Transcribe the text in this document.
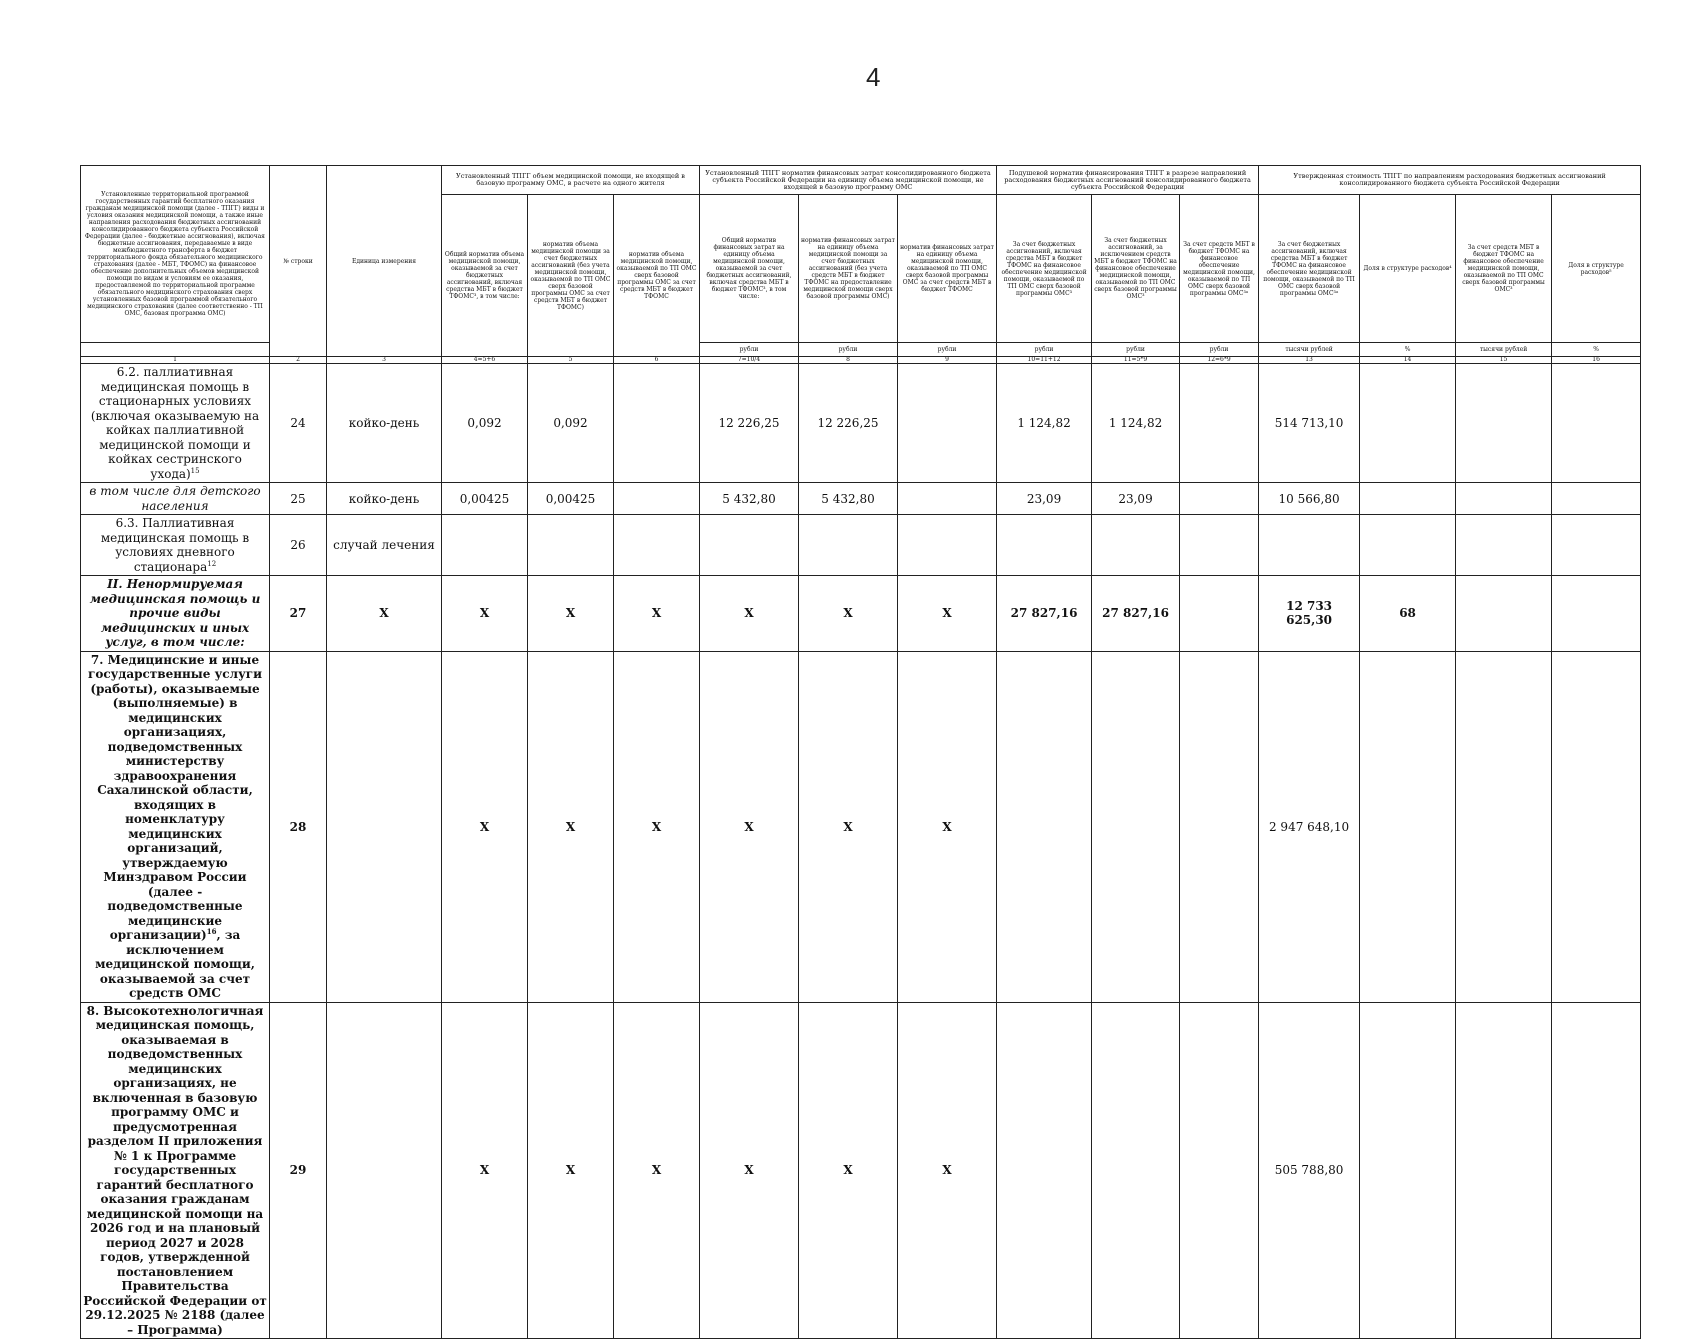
4
Установленные территориальной программой государственных гарантий бесплатного оказания гражданам медицинской помощи (далее - ТПГГ) виды и условия оказания медицинской помощи, а также иные направления расходования бюджетных ассигнований консолидированного бюджета субъекта Российской Федерации (далее - бюджетные ассигнования), включая бюджетные ассигнования, передаваемые в виде межбюджетного трансферта в бюджет территориального фонда обязательного медицинского страхования (далее - МБТ, ТФОМС) на финансовое обеспечение дополнительных объемов медицинской помощи по видам и условиям ее оказания, предоставляемой по территориальной программе обязательного медицинского страхования сверх установленных базовой программой обязательного медицинского страхования (далее соответственно - ТП ОМС, базовая программа ОМС)	№ строки	Единица измерения	Установленный ТПГГ объем медицинской помощи, не входящей в базовую программу ОМС, в расчете на одного жителя			Установленный ТПГГ норматив финансовых затрат консолидированного бюджета субъекта Российской Федерации на единицу объема медицинской помощи, не входящей в базовую программу ОМС			Подушевой норматив финансирования ТПГГ в разрезе направлений расходования бюджетных ассигнований консолидированного бюджета субъекта Российской Федерации			Утвержденная стоимость ТПГГ по направлениям расходования бюджетных ассигнований консолидированного бюджета субъекта Российской Федерации			
			Общий норматив объема медицинской помощи, оказываемой за счет бюджетных ассигнований, включая средства МБТ в бюджет ТФОМС³, в том числе:	норматив объема медицинской помощи за счет бюджетных ассигнований (без учета медицинской помощи, оказываемой по ТП ОМС сверх базовой программы ОМС за счет средств МБТ в бюджет ТФОМС)	норматив объема медицинской помощи, оказываемой по ТП ОМС сверх базовой программы ОМС за счет средств МБТ в бюджет ТФОМС	Общий норматив финансовых затрат на единицу объема медицинской помощи, оказываемой за счет бюджетных ассигнований, включая средства МБТ в бюджет ТФОМС³, в том числе:	норматив финансовых затрат на единицу объема медицинской помощи за счет бюджетных ассигнований (без учета средств МБТ в бюджет ТФОМС на предоставление медицинской помощи сверх базовой программы ОМС)	норматив финансовых затрат на единицу объема медицинской помощи, оказываемой по ТП ОМС сверх базовой программы ОМС за счет средств МБТ в бюджет ТФОМС	За счет бюджетных ассигнований, включая средства МБТ в бюджет ТФОМС на финансовое обеспечение медицинской помощи, оказываемой по ТП ОМС сверх базовой программы ОМС³	За счет бюджетных ассигнований, за исключением средств МБТ в бюджет ТФОМС на финансовое обеспечение медицинской помощи, оказываемой по ТП ОМС сверх базовой программы ОМС³	За счет средств МБТ в бюджет ТФОМС на финансовое обеспечение медицинской помощи, оказываемой по ТП ОМС сверх базовой программы ОМС³ᵃ	За счет бюджетных ассигнований, включая средства МБТ в бюджет ТФОМС на финансовое обеспечение медицинской помощи, оказываемой по ТП ОМС сверх базовой программы ОМС³ᵃ	Доля в структуре расходов⁴	За счет средств МБТ в бюджет ТФОМС на финансовое обеспечение медицинской помощи, оказываемой по ТП ОМС сверх базовой программы ОМС³	Доля в структуре расходов⁵
						рубли	рубли	рубли	рубли	рубли	рубли	тысячи рублей	%	тысячи рублей	%
1	2	3	4=5+6	5	6	7=10/4	8	9	10=11+12	11=5*9	12=6*9	13	14	15	16
6.2. паллиативная медицинская помощь в стационарных условиях (включая оказываемую на койках паллиативной медицинской помощи и койках сестринского ухода)$^{15}$	24	койко-день	0,092	0,092		12 226,25	12 226,25		1 124,82	1 124,82		514 713,10			
в том числе для детского населения	25	койко-день	0,00425	0,00425		5 432,80	5 432,80		23,09	23,09		10 566,80			
6.3. Паллиативная медицинская помощь в условиях дневного стационара$^{12}$	26	случай лечения													
II. Ненормируемая медицинская помощь и прочие виды медицинских и иных услуг, в том числе:	27	X	X	X	X	X	X	X	27 827,16	27 827,16		12 733 625,30	68		
7. Медицинские и иные государственные услуги (работы), оказываемые (выполняемые) в медицинских организациях, подведомственных министерству здравоохранения Сахалинской области, входящих в номенклатуру медицинских организаций, утверждаемую Минздравом России (далее - подведомственные медицинские организации)$^{16}$, за исключением медицинской помощи, оказываемой за счет средств ОМС	28		X	X	X	X	X	X				2 947 648,10			
8. Высокотехнологичная медицинская помощь, оказываемая в подведомственных медицинских организациях, не включенная в базовую программу ОМС и предусмотренная разделом II приложения № 1 к Программе государственных гарантий бесплатного оказания гражданам медицинской помощи на 2026 год и на плановый период 2027 и 2028 годов, утвержденной постановлением Правительства Российской Федерации от 29.12.2025 № 2188 (далее – Программа)	29		X	X	X	X	X	X				505 788,80			
